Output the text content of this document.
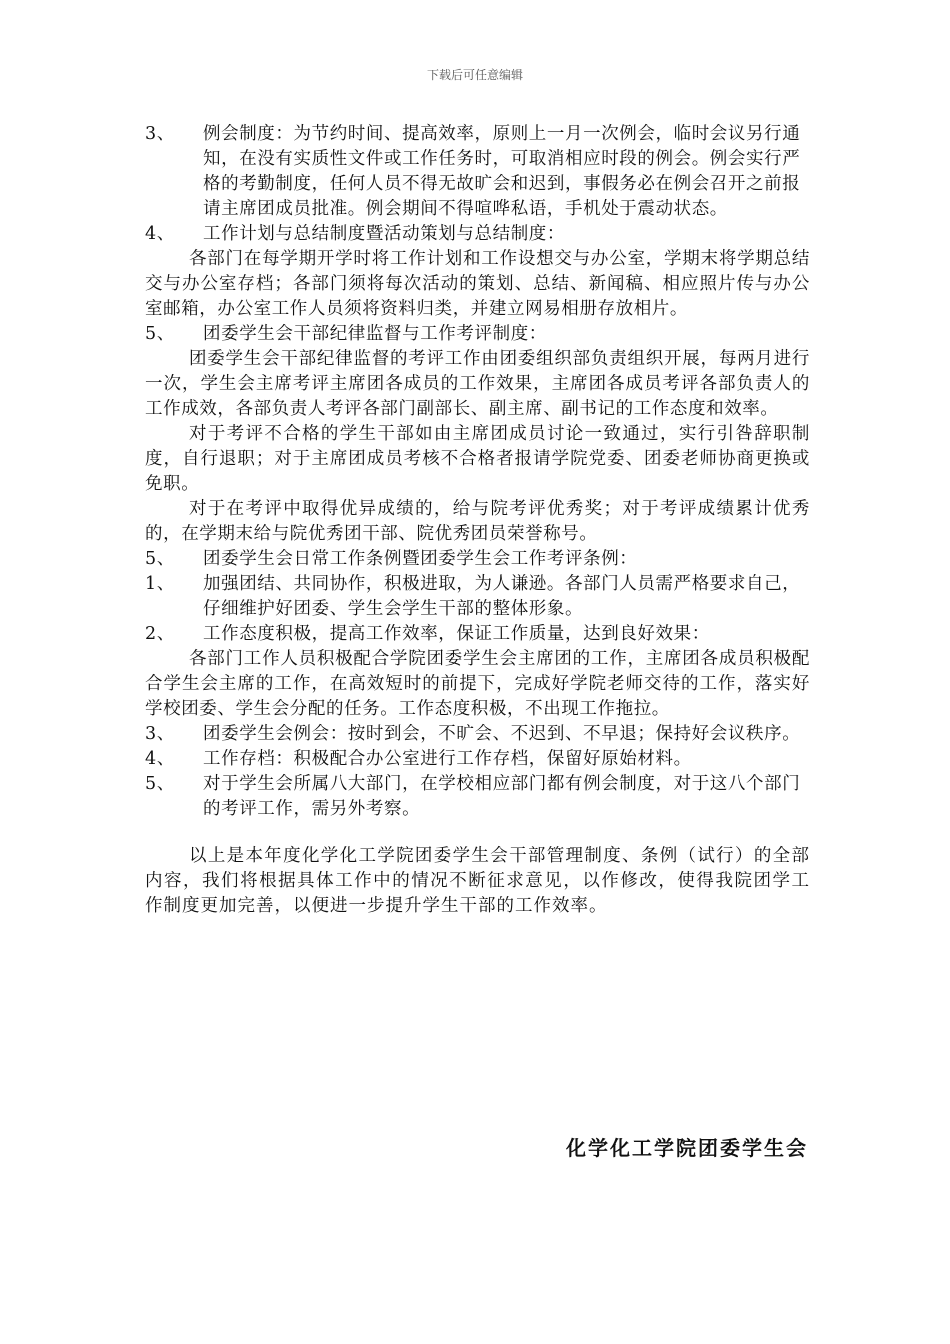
下载后可任意编辑
3、	例会制度：为节约时间、提高效率，原则上一月一次例会，临时会议另行通知，在没有实质性文件或工作任务时，可取消相应时段的例会。例会实行严格的考勤制度，任何人员不得无故旷会和迟到，事假务必在例会召开之前报请主席团成员批准。例会期间不得喧哗私语，手机处于震动状态。
4、	工作计划与总结制度暨活动策划与总结制度：
各部门在每学期开学时将工作计划和工作设想交与办公室，学期末将学期总结交与办公室存档；各部门须将每次活动的策划、总结、新闻稿、相应照片传与办公室邮箱，办公室工作人员须将资料归类，并建立网易相册存放相片。
5、	团委学生会干部纪律监督与工作考评制度：
团委学生会干部纪律监督的考评工作由团委组织部负责组织开展，每两月进行一次，学生会主席考评主席团各成员的工作效果，主席团各成员考评各部负责人的工作成效，各部负责人考评各部门副部长、副主席、副书记的工作态度和效率。
对于考评不合格的学生干部如由主席团成员讨论一致通过，实行引咎辞职制度，自行退职；对于主席团成员考核不合格者报请学院党委、团委老师协商更换或免职。
对于在考评中取得优异成绩的，给与院考评优秀奖；对于考评成绩累计优秀的，在学期末给与院优秀团干部、院优秀团员荣誉称号。
5、	团委学生会日常工作条例暨团委学生会工作考评条例：
1、	加强团结、共同协作，积极进取，为人谦逊。各部门人员需严格要求自己，仔细维护好团委、学生会学生干部的整体形象。
2、	工作态度积极，提高工作效率，保证工作质量，达到良好效果：
各部门工作人员积极配合学院团委学生会主席团的工作，主席团各成员积极配合学生会主席的工作，在高效短时的前提下，完成好学院老师交待的工作，落实好学校团委、学生会分配的任务。工作态度积极，不出现工作拖拉。
3、	团委学生会例会：按时到会，不旷会、不迟到、不早退；保持好会议秩序。
4、	工作存档：积极配合办公室进行工作存档，保留好原始材料。
5、	对于学生会所属八大部门，在学校相应部门都有例会制度，对于这八个部门的考评工作，需另外考察。
以上是本年度化学化工学院团委学生会干部管理制度、条例（试行）的全部内容，我们将根据具体工作中的情况不断征求意见，以作修改，使得我院团学工作制度更加完善，以便进一步提升学生干部的工作效率。
化学化工学院团委学生会
